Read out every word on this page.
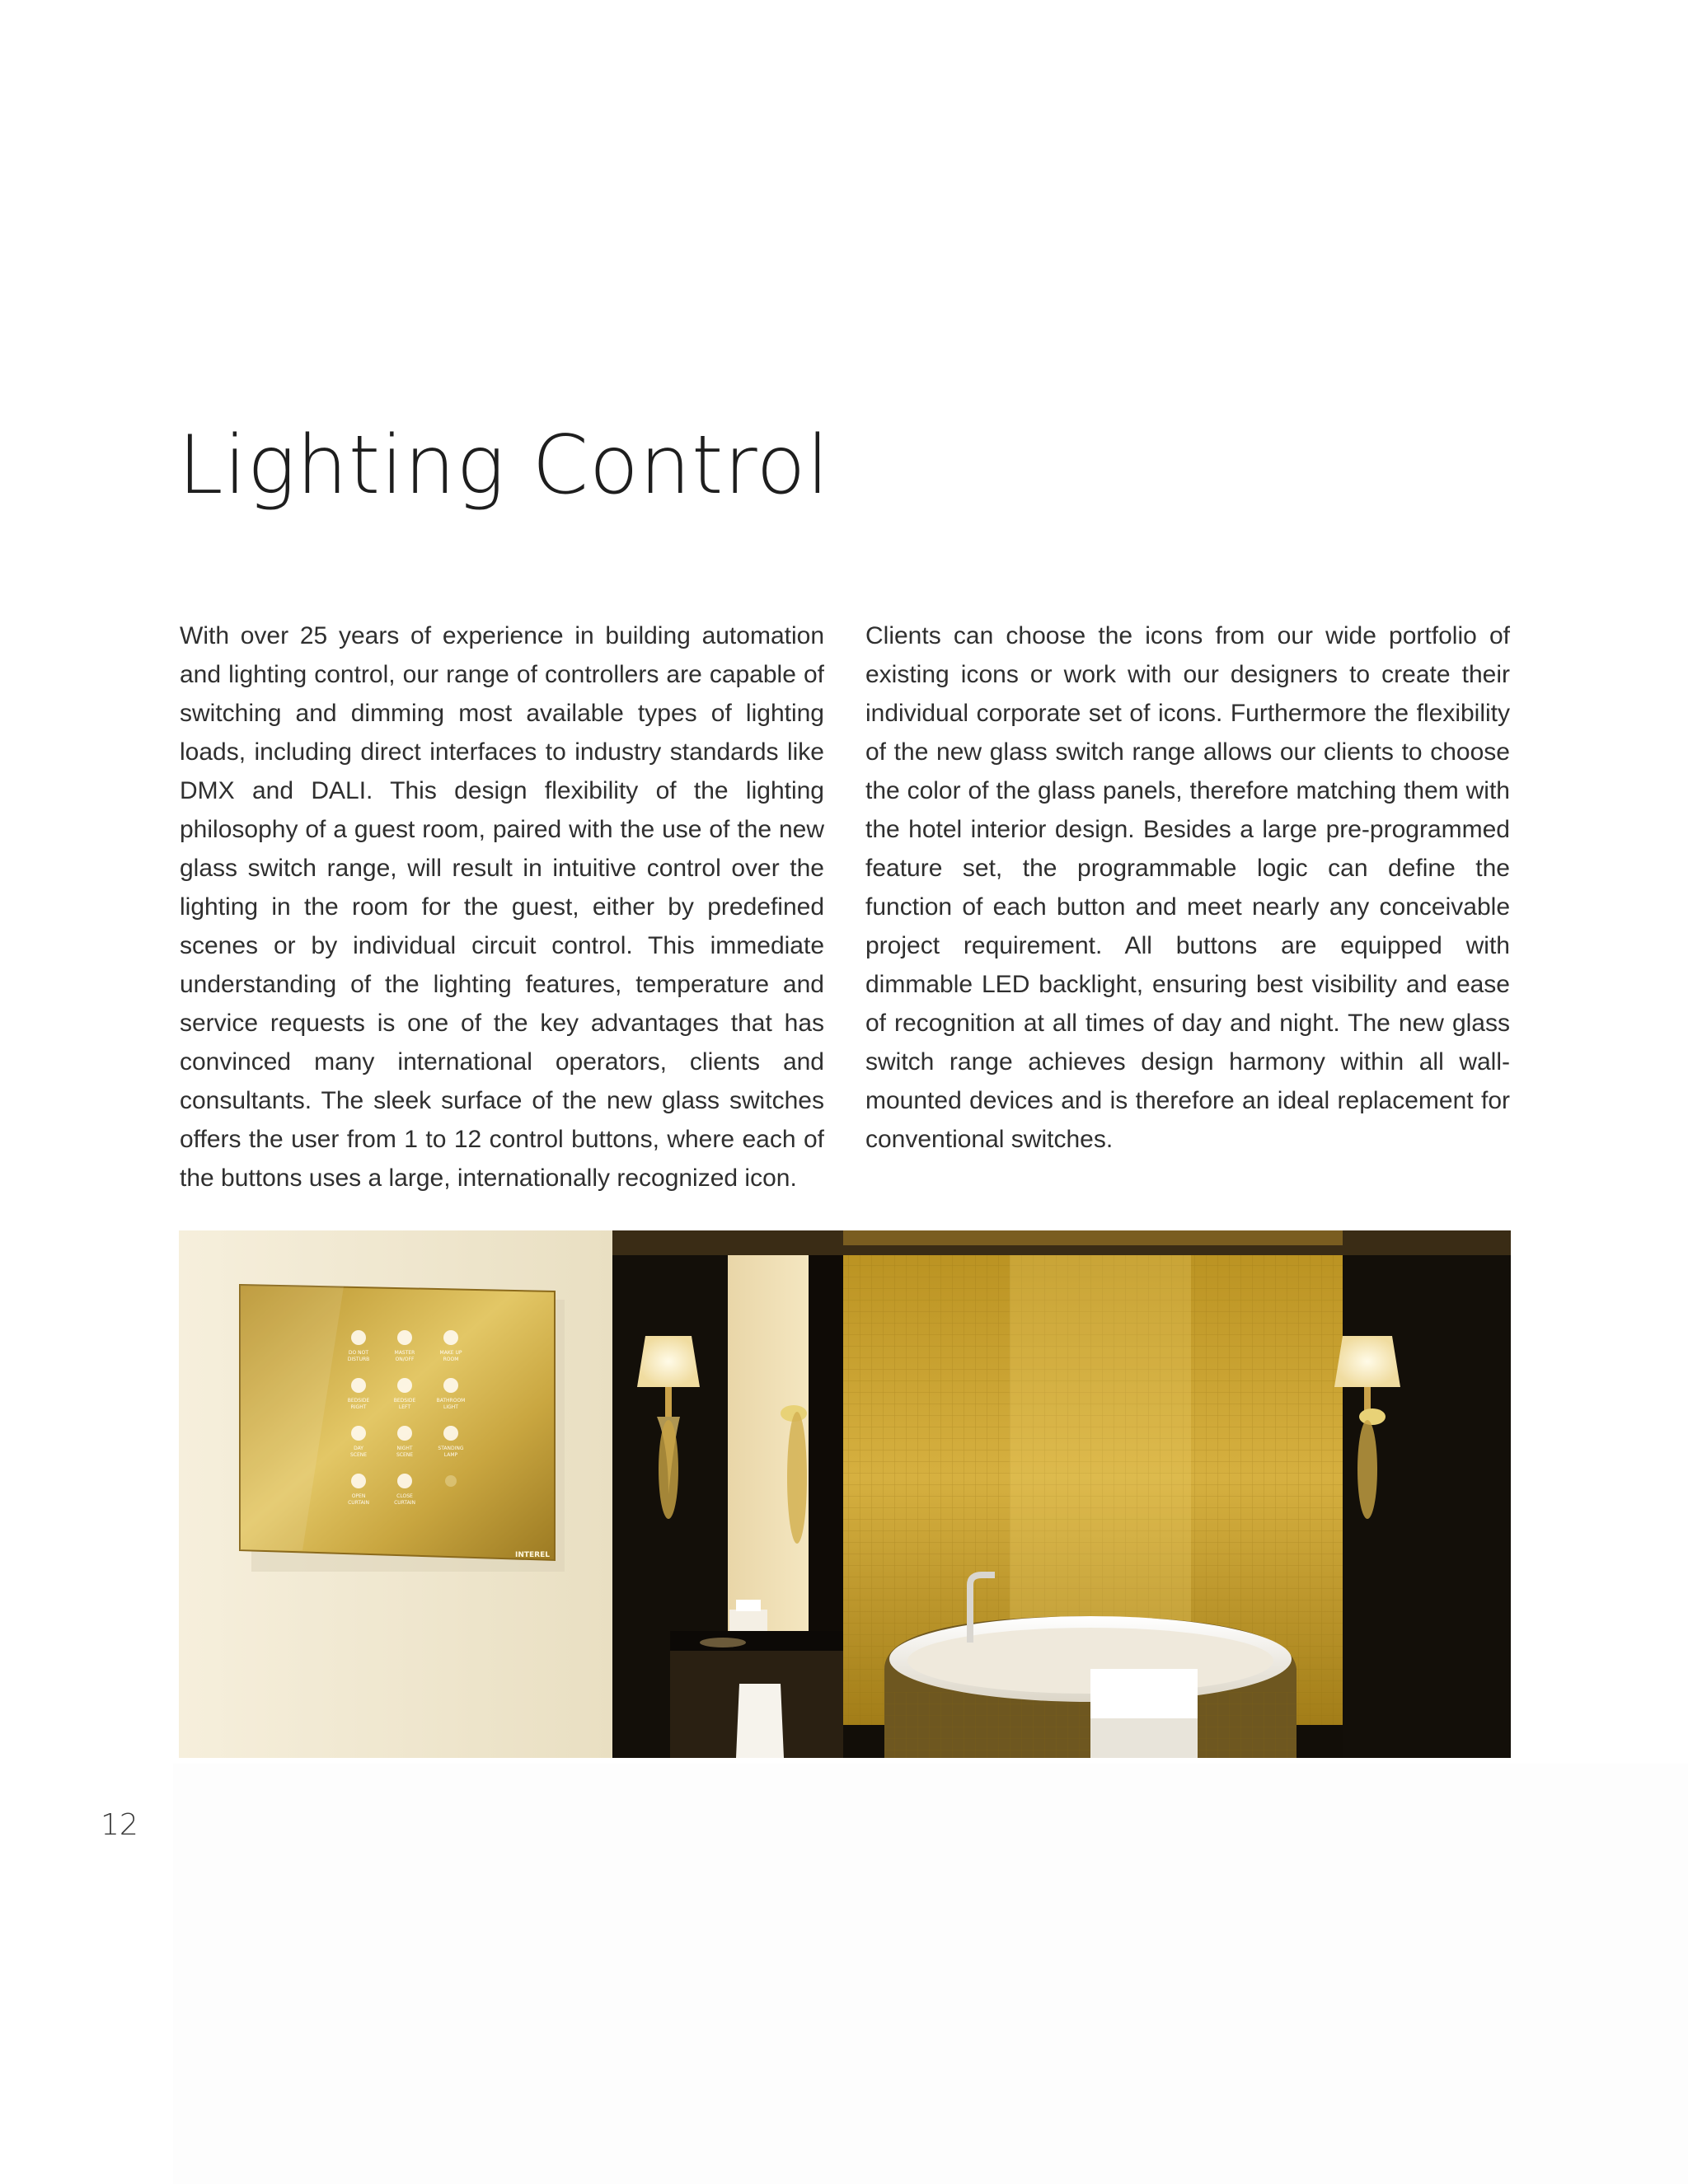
Lighting Control

With over 25 years of experience in building automation and lighting control, our range of controllers are capable of switching and dimming most available types of lighting loads, including direct interfaces to industry standards like DMX and DALI. This design flexibility of the lighting philosophy of a guest room, paired with the use of the new glass switch range, will result in intuitive control over the lighting in the room for the guest, either by predefined scenes or by individual circuit control. This immediate understanding of the lighting features, temperature and service requests is one of the key advantages that has convinced many international operators, clients and consultants. The sleek surface of the new glass switches offers the user from 1 to 12 control buttons, where each of the buttons uses a large, internationally recognized icon.

Clients can choose the icons from our wide portfolio of existing icons or work with our designers to create their individual corporate set of icons. Furthermore the flexibility of the new glass switch range allows our clients to choose the color of the glass panels, therefore matching them with the hotel interior design. Besides a large pre-programmed feature set, the programmable logic can define the function of each button and meet nearly any conceivable project requirement. All buttons are equipped with dimmable LED backlight, ensuring best visibility and ease of recognition at all times of day and night. The new glass switch range achieves design harmony within all wall-mounted devices and is therefore an ideal replacement for conventional switches.

DO NOT
DISTURB
MASTER
ON/OFF
MAKE UP
ROOM
BEDSIDE
RIGHT
BEDSIDE
LEFT
BATHROOM
LIGHT
DAY
SCENE
NIGHT
SCENE
STANDING
LAMP
OPEN
CURTAIN
CLOSE
CURTAIN
INTEREL
12
